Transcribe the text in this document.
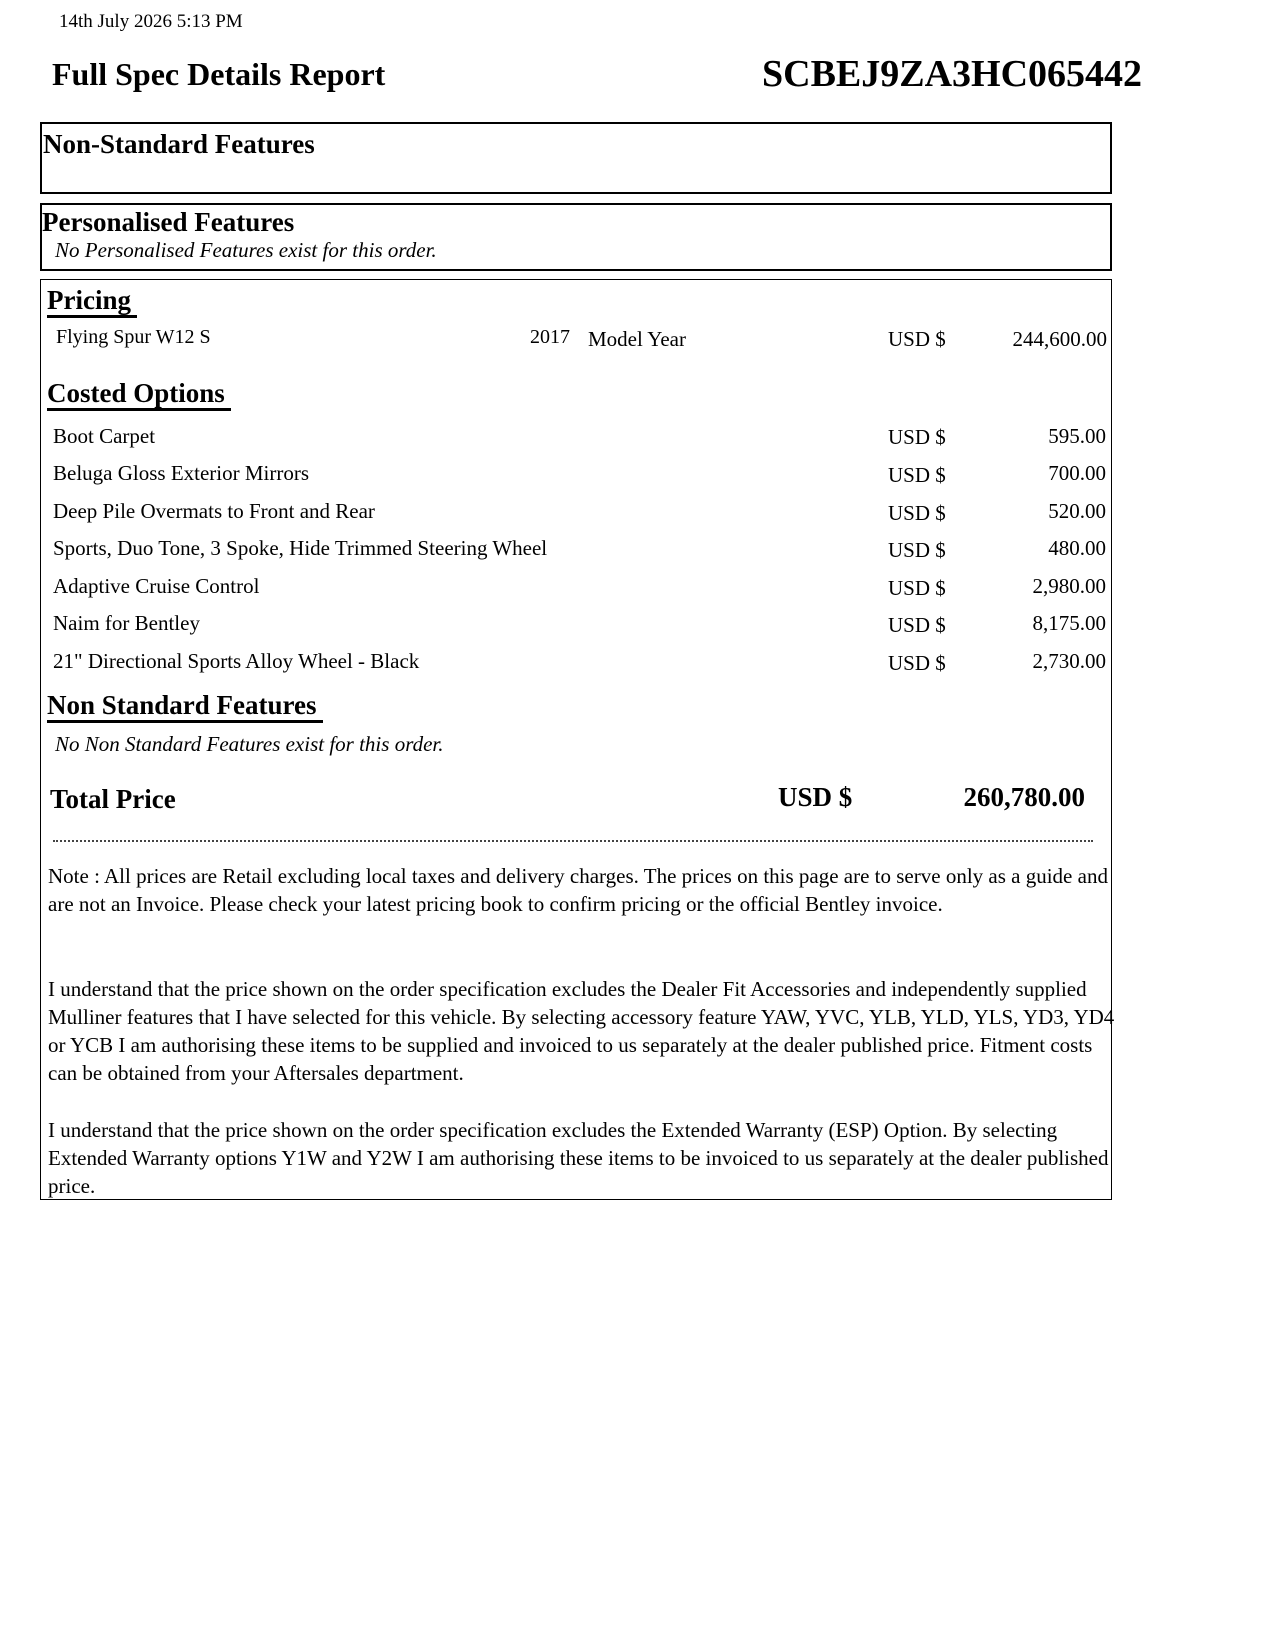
14th July 2026 5:13 PM
Full Spec Details Report	SCBEJ9ZA3HC065442
Non-Standard Features
Personalised Features
No Personalised Features exist for this order.
Pricing
Flying Spur W12 S	2017 Model Year	USD $	244,600.00
Costed Options
Boot Carpet	USD $	595.00
Beluga Gloss Exterior Mirrors	USD $	700.00
Deep Pile Overmats to Front and Rear	USD $	520.00
Sports, Duo Tone, 3 Spoke, Hide Trimmed Steering Wheel	USD $	480.00
Adaptive Cruise Control	USD $	2,980.00
Naim for Bentley	USD $	8,175.00
21" Directional Sports Alloy Wheel - Black	USD $	2,730.00
Non Standard Features
No Non Standard Features exist for this order.
Total Price	USD $	260,780.00
Note : All prices are Retail excluding local taxes and delivery charges. The prices on this page are to serve only as a guide and are not an Invoice. Please check your latest pricing book to confirm pricing or the official Bentley invoice.
I understand that the price shown on the order specification excludes the Dealer Fit Accessories and independently supplied Mulliner features that I have selected for this vehicle. By selecting accessory feature YAW, YVC, YLB, YLD, YLS, YD3, YD4 or YCB I am authorising these items to be supplied and invoiced to us separately at the dealer published price. Fitment costs can be obtained from your Aftersales department.
I understand that the price shown on the order specification excludes the Extended Warranty (ESP) Option. By selecting Extended Warranty options Y1W and Y2W I am authorising these items to be invoiced to us separately at the dealer published price.
